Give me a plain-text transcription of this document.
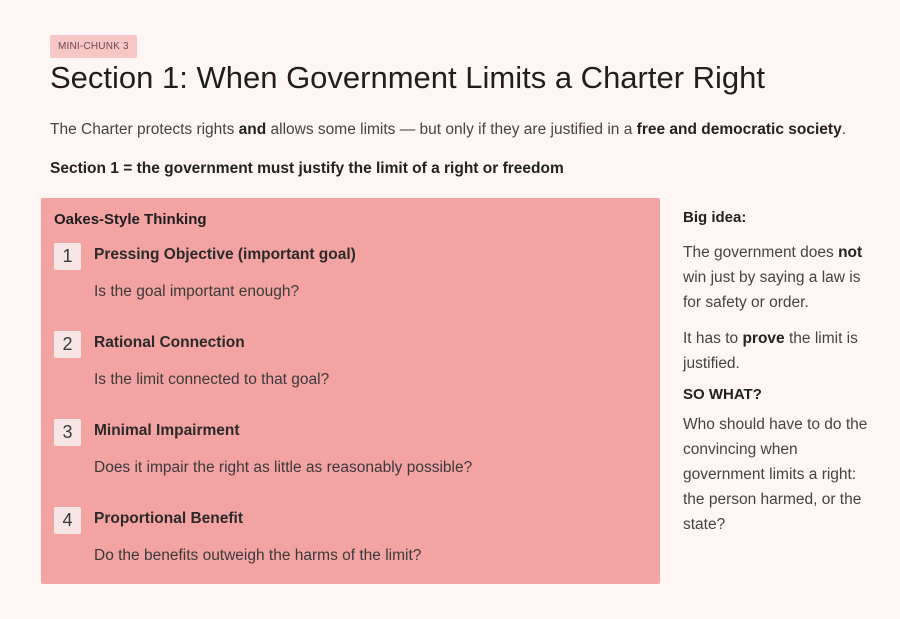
MINI-CHUNK 3
Section 1: When Government Limits a Charter Right

The Charter protects rights and allows some limits — but only if they are justified in a free and democratic society.

Section 1 = the government must justify the limit of a right or freedom

Oakes-Style Thinking
1	Pressing Objective (important goal)
Is the goal important enough?
2	Rational Connection
Is the limit connected to that goal?
3	Minimal Impairment
Does it impair the right as little as reasonably possible?
4	Proportional Benefit
Do the benefits outweigh the harms of the limit?
Big idea:

The government does not win just by saying a law is for safety or order.

It has to prove the limit is justified.

SO WHAT?

Who should have to do the convincing when government limits a right: the person harmed, or the state?
